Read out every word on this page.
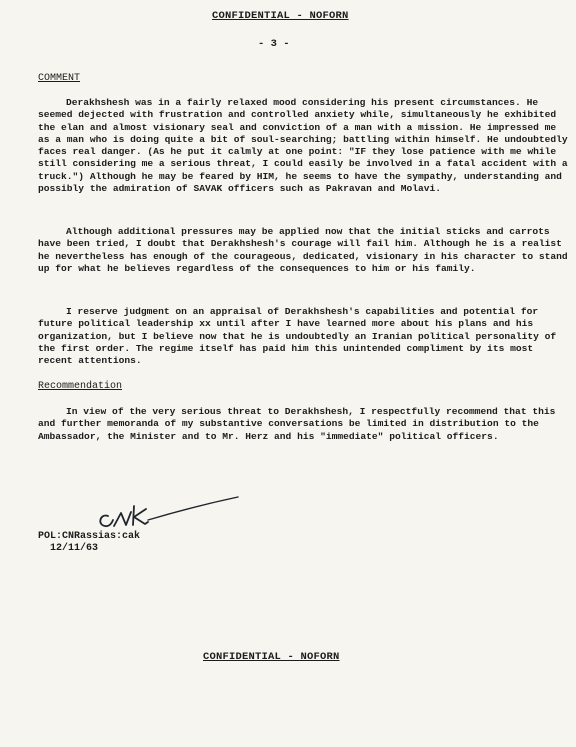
CONFIDENTIAL - NOFORN
- 3 -
COMMENT

Derakhshesh was in a fairly relaxed mood considering his present circumstances. He seemed dejected with frustration and controlled anxiety while, simultaneously he exhibited the elan and almost visionary seal and conviction of a man with a mission. He impressed me as a man who is doing quite a bit of soul-searching; battling within himself. He undoubtedly faces real danger. (As he put it calmly at one point: "IF they lose patience with me while still considering me a serious threat, I could easily be involved in a fatal accident with a truck.") Although he may be feared by HIM, he seems to have the sympathy, understanding and possibly the admiration of SAVAK officers such as Pakravan and Molavi.

Although additional pressures may be applied now that the initial sticks and carrots have been tried, I doubt that Derakhshesh's courage will fail him. Although he is a realist he nevertheless has enough of the courageous, dedicated, visionary in his character to stand up for what he believes regardless of the consequences to him or his family.

I reserve judgment on an appraisal of Derakhshesh's capabilities and potential for future political leadership xx until after I have learned more about his plans and his organization, but I believe now that he is undoubtedly an Iranian political personality of the first order. The regime itself has paid him this unintended compliment by its most recent attentions.

Recommendation

In view of the very serious threat to Derakhshesh, I respectfully recommend that this and further memoranda of my substantive conversations be limited in distribution to the Ambassador, the Minister and to Mr. Herz and his "immediate" political officers.

POL:CNRassias:cak
12/11/63
CONFIDENTIAL - NOFORN
